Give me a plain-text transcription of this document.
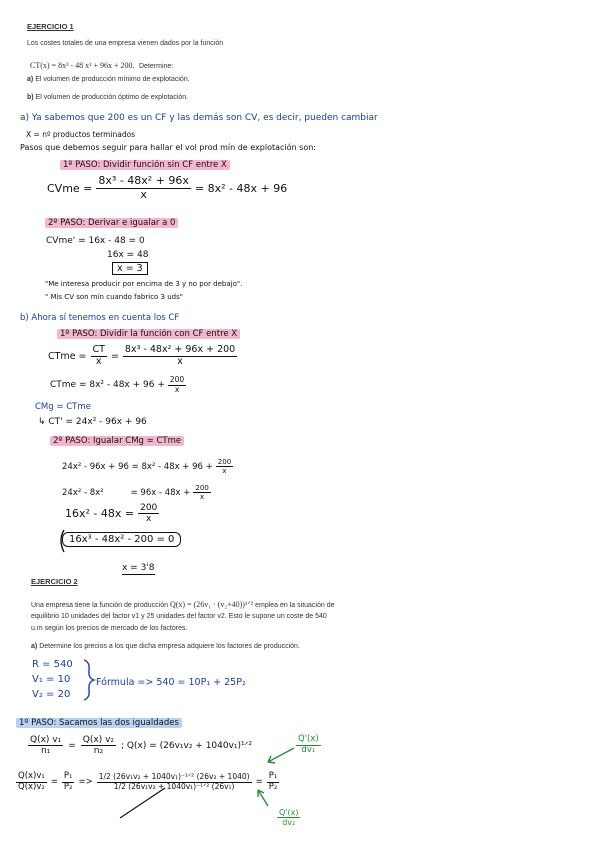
EJERCICIO 1
Los costes totales de una empresa vienen dados por la función
CT(x) = 8x³ - 48 x² + 96x + 200. Determine:
a) El volumen de producción mínimo de explotación.
b) El volumen de producción óptimo de explotación.
a) Ya sabemos que 200 es un CF y las demás son CV, es decir, pueden cambiar
X = nº productos terminados
Pasos que debemos seguir para hallar el vol prod mín de explotación son:
1º PASO: Dividir función sin CF entre X
CVme = $\frac{\text{8x³ - 48x² + 96x}}{x} = 8x^2 - 48x + 96$
2º PASO: Derivar e igualar a 0
CVme' = 16x - 48 = 0
16x = 48
x = 3
"Me interesa producir por encima de 3 y no por debajo".
" Mis CV son mín cuando fabrico 3 uds"
b) Ahora sí tenemos en cuenta los CF
1º PASO: Dividir la función con CF entre X
CTme = $\frac{CT}{x} = \frac{\text{8x³ - 48x² + 96x + 200}}{x}$
CTme = $8x^2 - 48x + 96 + \frac{200}{x}$
CMg = CTme
↳ CT' = 24x² - 96x + 96
2º PASO: Igualar CMg = CTme
$24x^2 - 96x + 96 = 8x^2 - 48x + 96 + \frac{200}{x}$
24x² - 8x²          = $96x - 48x + \frac{200}{x}$
$16x^2 - 48x = \frac{200}{x}$
16x³ - 48x² - 200 = 0
x = 3'8
EJERCICIO 2
Una empresa tiene la función de producción Q(x) = (26v₁ · (v₂+40))¹ᐟ² emplea en la situación de
equilibrio 10 unidades del factor v1 y 25 unidades del factor v2. Esto le supone un coste de 540
u.m según los precios de mercado de los factores.
a) Determine los precios a los que dicha empresa adquiere los factores de producción.
R = 540
V₁ = 10
V₂ = 20
Fórmula => 540 = 10P₁ + 25P₂
1º PASO: Sacamos las dos igualdades
$\frac{\text{Q(x) v₁}}{\text{n₁}} = \frac{\text{Q(x) v₂}}{\text{n₂}}$ ; Q(x) = (26v₁v₂ + 1040v₁)¹ᐟ²	$\frac{Q'(x)}{\text{dv₁}}$
$\frac{\text{Q(x)v₁}}{\text{Q(x)v₂}} = \frac{\text{P₁}}{\text{P₂}} => \frac{\text{1/2 (26v₁v₂ + 1040v₁)⁻¹ᐟ² (26v₂ + 1040)}}{\text{1/2 (26v₁v₂ + 1040v₁)⁻¹ᐟ² (26v₁)}} = \frac{\text{P₁}}{\text{P₂}}$
$\frac{Q'(x)}{\text{dv₂}}$
